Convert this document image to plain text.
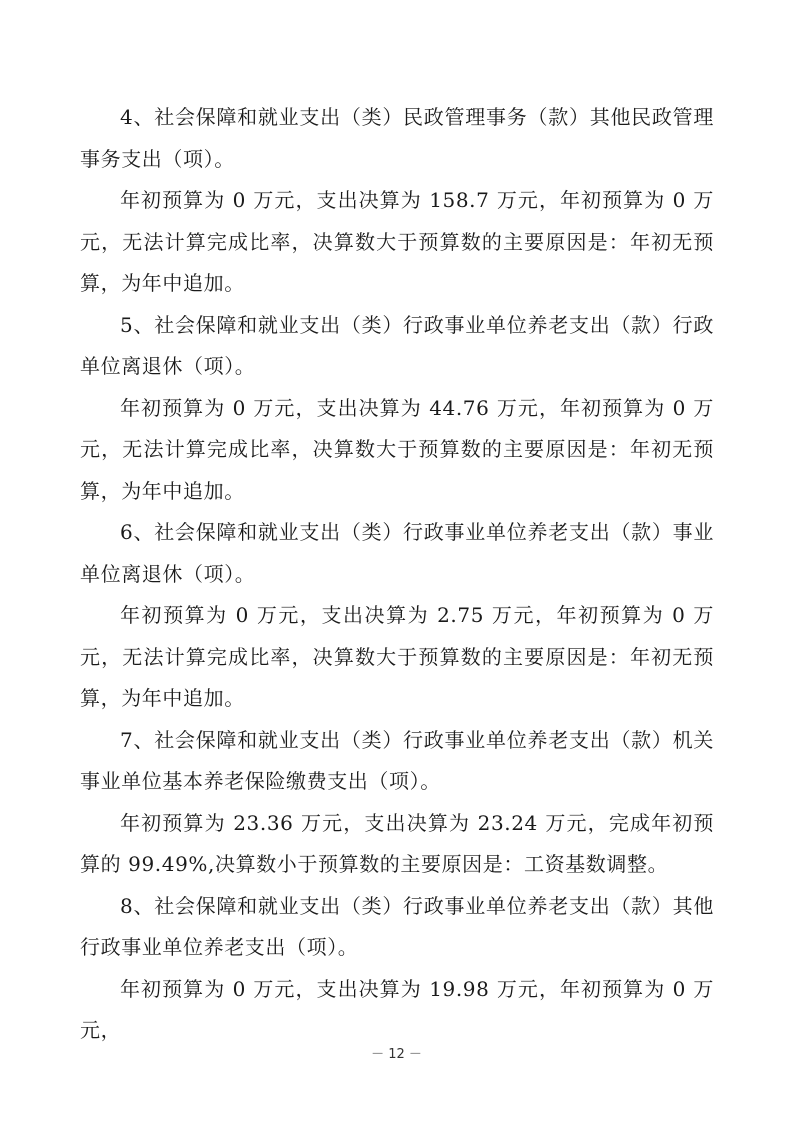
4、社会保障和就业支出（类）民政管理事务（款）其他民政管理事务支出（项）。

年初预算为 0 万元，支出决算为 158.7 万元，年初预算为 0 万元，无法计算完成比率，决算数大于预算数的主要原因是：年初无预算，为年中追加。

5、社会保障和就业支出（类）行政事业单位养老支出（款）行政单位离退休（项）。

年初预算为 0 万元，支出决算为 44.76 万元，年初预算为 0 万元，无法计算完成比率，决算数大于预算数的主要原因是：年初无预算，为年中追加。

6、社会保障和就业支出（类）行政事业单位养老支出（款）事业单位离退休（项）。

年初预算为 0 万元，支出决算为 2.75 万元，年初预算为 0 万元，无法计算完成比率，决算数大于预算数的主要原因是：年初无预算，为年中追加。

7、社会保障和就业支出（类）行政事业单位养老支出（款）机关事业单位基本养老保险缴费支出（项）。

年初预算为 23.36 万元，支出决算为 23.24 万元，完成年初预算的 99.49%,决算数小于预算数的主要原因是：工资基数调整。

8、社会保障和就业支出（类）行政事业单位养老支出（款）其他行政事业单位养老支出（项）。

年初预算为 0 万元，支出决算为 19.98 万元，年初预算为 0 万元，

－ 12 －
